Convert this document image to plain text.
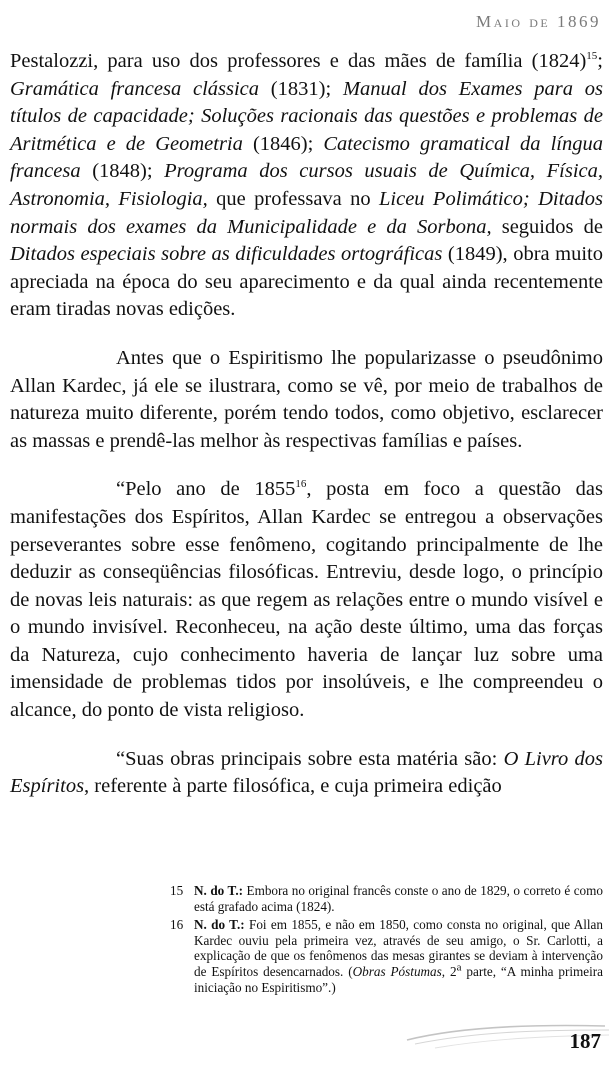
Maio de 1869

Pestalozzi, para uso dos professores e das mães de família $(1824)^{15}$; Gramática francesa clássica (1831); Manual dos Exames para os títulos de capacidade; Soluções racionais das questões e problemas de Aritmética e de Geometria (1846); Catecismo gramatical da língua francesa (1848); Programa dos cursos usuais de Química, Física, Astronomia, Fisiologia, que professava no Liceu Polimático; Ditados normais dos exames da Municipalidade e da Sorbona, seguidos de Ditados especiais sobre as dificuldades ortográficas (1849), obra muito apreciada na época do seu aparecimento e da qual ainda recentemente eram tiradas novas edições.

Antes que o Espiritismo lhe popularizasse o pseudônimo Allan Kardec, já ele se ilustrara, como se vê, por meio de trabalhos de natureza muito diferente, porém tendo todos, como objetivo, esclarecer as massas e prendê-las melhor às respectivas famílias e países.

“Pelo ano de 1855$^{16}$, posta em foco a questão das manifestações dos Espíritos, Allan Kardec se entregou a observações perseverantes sobre esse fenômeno, cogitando principalmente de lhe deduzir as conseqüências filosóficas. Entreviu, desde logo, o princípio de novas leis naturais: as que regem as relações entre o mundo visível e o mundo invisível. Reconheceu, na ação deste último, uma das forças da Natureza, cujo conhecimento haveria de lançar luz sobre uma imensidade de problemas tidos por insolúveis, e lhe compreendeu o alcance, do ponto de vista religioso.

“Suas obras principais sobre esta matéria são: O Livro dos Espíritos, referente à parte filosófica, e cuja primeira edição

15 N. do T.: Embora no original francês conste o ano de 1829, o correto é como está grafado acima (1824).
16 N. do T.: Foi em 1855, e não em 1850, como consta no original, que Allan Kardec ouviu pela primeira vez, através de seu amigo, o Sr. Carlotti, a explicação de que os fenômenos das mesas girantes se deviam à intervenção de Espíritos desencarnados. (Obras Póstumas, 2$^a$ parte, “A minha primeira iniciação no Espiritismo”.)
187
